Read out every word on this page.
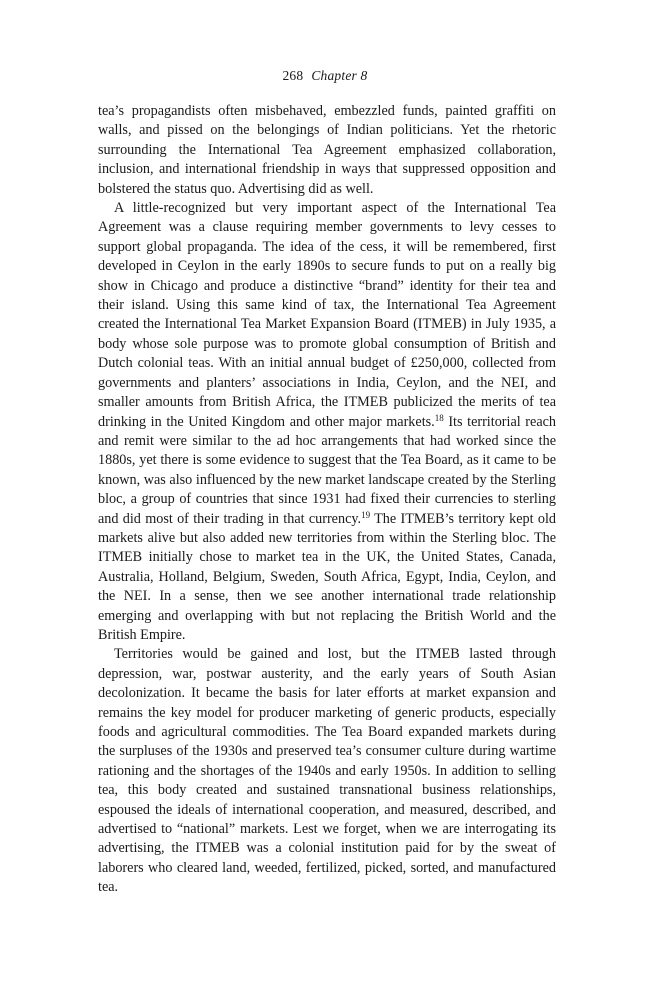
268 Chapter 8

tea’s propagandists often misbehaved, embezzled funds, painted graffiti on walls, and pissed on the belongings of Indian politicians. Yet the rhetoric surrounding the International Tea Agreement emphasized collaboration, inclusion, and international friendship in ways that suppressed opposition and bolstered the status quo. Advertising did as well.

A little-recognized but very important aspect of the International Tea Agreement was a clause requiring member governments to levy cesses to support global propaganda. The idea of the cess, it will be remembered, first developed in Ceylon in the early 1890s to secure funds to put on a really big show in Chicago and produce a distinctive “brand” identity for their tea and their island. Using this same kind of tax, the International Tea Agreement created the International Tea Market Expansion Board (ITMEB) in July 1935, a body whose sole purpose was to promote global consumption of British and Dutch colonial teas. With an initial annual budget of £250,000, collected from governments and planters’ associations in India, Ceylon, and the NEI, and smaller amounts from British Africa, the ITMEB publicized the merits of tea drinking in the United Kingdom and other major markets.$^{18}$ Its territorial reach and remit were similar to the ad hoc arrangements that had worked since the 1880s, yet there is some evidence to suggest that the Tea Board, as it came to be known, was also influenced by the new market landscape created by the Sterling bloc, a group of countries that since 1931 had fixed their currencies to sterling and did most of their trading in that currency.$^{19}$ The ITMEB’s territory kept old markets alive but also added new territories from within the Sterling bloc. The ITMEB initially chose to market tea in the UK, the United States, Canada, Australia, Holland, Belgium, Sweden, South Africa, Egypt, India, Ceylon, and the NEI. In a sense, then we see another international trade relationship emerging and overlapping with but not replacing the British World and the British Empire.

Territories would be gained and lost, but the ITMEB lasted through depression, war, postwar austerity, and the early years of South Asian decolonization. It became the basis for later efforts at market expansion and remains the key model for producer marketing of generic products, especially foods and agricultural commodities. The Tea Board expanded markets during the surpluses of the 1930s and preserved tea’s consumer culture during wartime rationing and the shortages of the 1940s and early 1950s. In addition to selling tea, this body created and sustained transnational business relationships, espoused the ideals of international cooperation, and measured, described, and advertised to “national” markets. Lest we forget, when we are interrogating its advertising, the ITMEB was a colonial institution paid for by the sweat of laborers who cleared land, weeded, fertilized, picked, sorted, and manufactured tea.
